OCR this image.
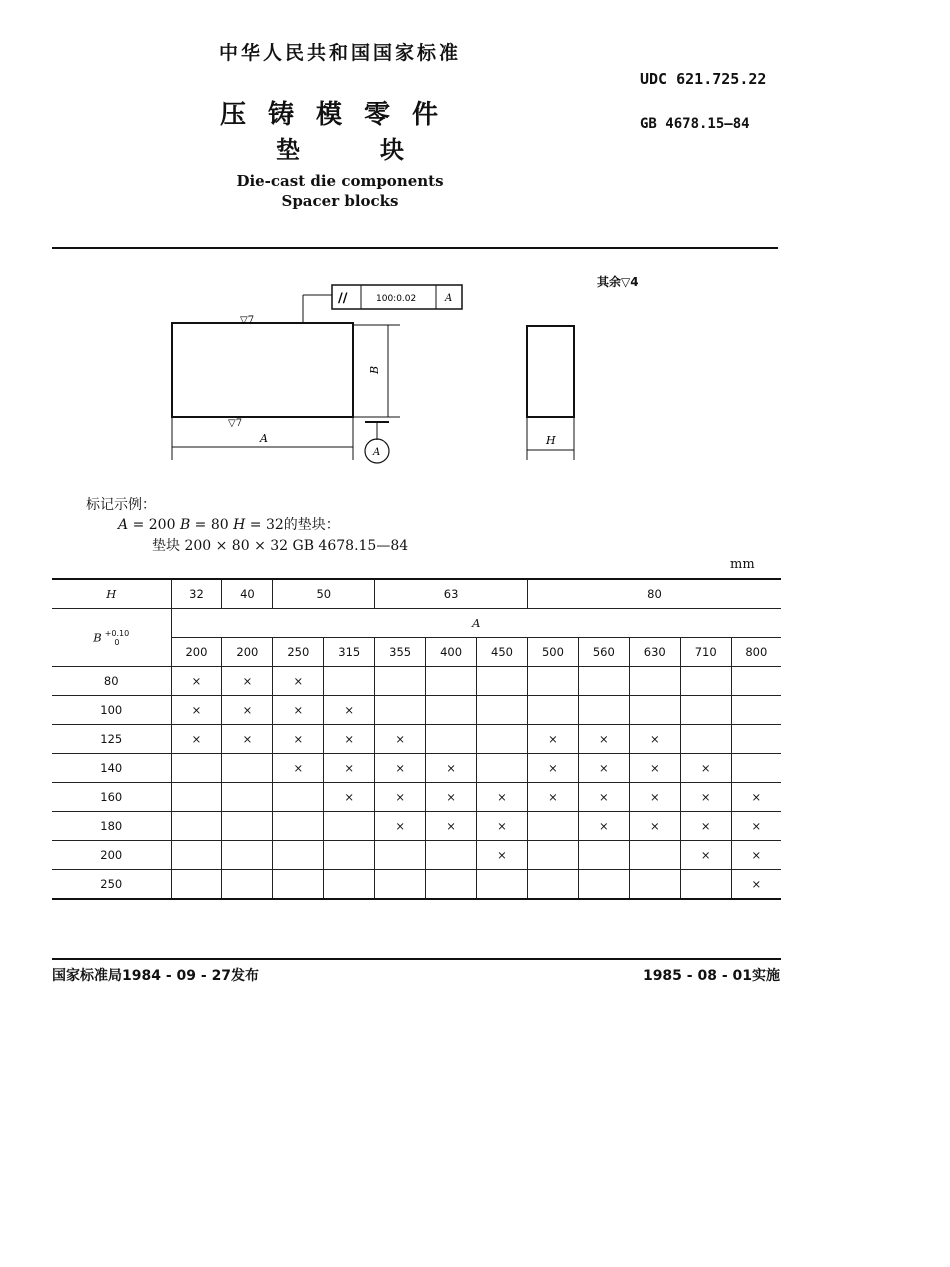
中华人民共和国国家标准
UDC 621.725.22
GB 4678.15—84
压铸模零件
垫	块
Die-cast die components
Spacer blocks
其余▽4
A
B
▽7
▽7
//	100:0.02	A
A
H
标记示例：
A = 200 B = 80 H = 32的垫块：
垫块 200 × 80 × 32 GB 4678.15—84
mm
H	32	40	50		63			80				
B +0.10
0	A											
	200	200	250	315	355	400	450	500	560	630	710	800
80	×	×	×									
100	×	×	×	×								
125	×	×	×	×	×			×	×	×		
140			×	×	×	×		×	×	×	×	
160				×	×	×	×	×	×	×	×	×
180					×	×	×		×	×	×	×
200							×				×	×
250												×
国家标准局1984 - 09 - 27发布	1985 - 08 - 01实施
